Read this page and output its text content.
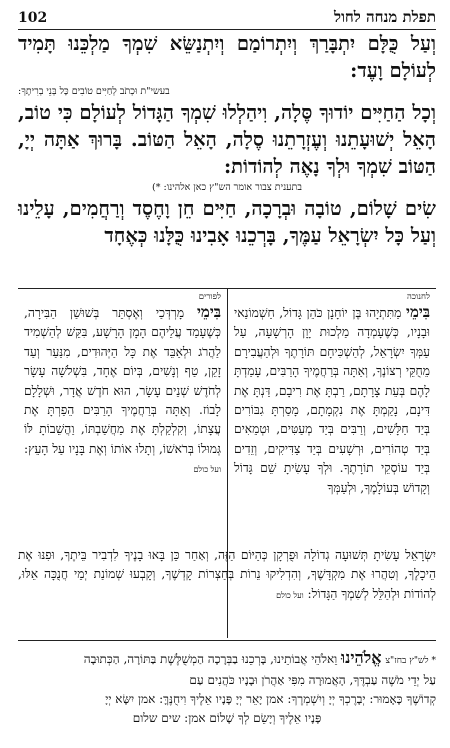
תפלת מנחה לחול
102
וְעַל כֻּלָּם יִתְבָּרַךְ וְיִתְרוֹמַם וְיִתְנַשֵּׂא שִׁמְךָ מַלְכֵּנוּ תָּמִיד לְעוֹלָם וָעֶד:
בעשי"ת וּכְתֹב לְחַיִּים טוֹבִים כָּל בְּנֵי בְרִיתֶךָ:
וְכָל הַחַיִּים יוֹדוּךָ סֶּלָה, וִיהַלְלוּ שִׁמְךָ הַגָּדוֹל לְעוֹלָם כִּי טוֹב, הָאֵל יְשׁוּעָתֵנוּ וְעֶזְרָתֵנוּ סֶלָה, הָאֵל הַטּוֹב. בָּרוּךְ אַתָּה יְיָ, הַטּוֹב שִׁמְךָ וּלְךָ נָאֶה לְהוֹדוֹת:
בתענית צבור אומר הש"ץ כאן אלהינו: *)
שִׂים שָׁלוֹם, טוֹבָה וּבְרָכָה, חַיִּים חֵן וָחֶסֶד וְרַחֲמִים, עָלֵינוּ וְעַל כָּל יִשְׂרָאֵל עַמֶּךָ, בָּרְכֵנוּ אָבִינוּ כֻּלָּנוּ כְּאֶחָד
לחנוכה
בִּימֵי מַתִּתְיָהוּ בֶּן יוֹחָנָן כֹּהֵן גָּדוֹל, חַשְׁמוֹנַאי וּבָנָיו, כְּשֶׁעָמְדָה מַלְכוּת יָוָן הָרְשָׁעָה, עַל עַמְּךָ יִשְׂרָאֵל, לְהַשְׁכִּיחָם תּוֹרָתֶךָ וּלְהַעֲבִירָם מֵחֻקֵּי רְצוֹנֶךָ, וְאַתָּה בְּרַחֲמֶיךָ הָרַבִּים, עָמַדְתָּ לָהֶם בְּעֵת צָרָתָם, רַבְתָּ אֶת רִיבָם, דַּנְתָּ אֶת דִּינָם, נָקַמְתָּ אֶת נִקְמָתָם, מָסַרְתָּ גִבּוֹרִים בְּיַד חַלָּשִׁים, וְרַבִּים בְּיַד מְעַטִּים, וּטְמֵאִים בְּיַד טְהוֹרִים, וּרְשָׁעִים בְּיַד צַדִּיקִים, וְזֵדִים בְּיַד עוֹסְקֵי תוֹרָתֶךָ. וּלְךָ עָשִׂיתָ שֵׁם גָּדוֹל וְקָדוֹשׁ בְּעוֹלָמֶךָ, וּלְעַמְּךָ
לפורים
בִּימֵי מָרְדְּכַי וְאֶסְתֵּר בְּשׁוּשַׁן הַבִּירָה, כְּשֶׁעָמַד עֲלֵיהֶם הָמָן הָרָשָׁע, בִּקֵּשׁ לְהַשְׁמִיד לַהֲרֹג וּלְאַבֵּד אֶת כָּל הַיְּהוּדִים, מִנַּעַר וְעַד זָקֵן, טַף וְנָשִׁים, בְּיוֹם אֶחָד, בִּשְׁלֹשָׁה עָשָׂר לְחֹדֶשׁ שְׁנֵים עָשָׂר, הוּא חֹדֶשׁ אֲדָר, וּשְׁלָלָם לָבוֹז. וְאַתָּה בְּרַחֲמֶיךָ הָרַבִּים הֵפַרְתָּ אֶת עֲצָתוֹ, וְקִלְקַלְתָּ אֶת מַחֲשַׁבְתּוֹ, וַהֲשֵׁבוֹתָ לּוֹ גְּמוּלוֹ בְּרֹאשׁוֹ, וְתָלוּ אוֹתוֹ וְאֶת בָּנָיו עַל הָעֵץ: ועל כולם
יִשְׂרָאֵל עָשִׂיתָ תְּשׁוּעָה גְדוֹלָה וּפֻרְקָן כְּהַיּוֹם הַזֶּה, וְאַחַר כֵּן בָּאוּ בָנֶיךָ לִדְבִיר בֵּיתֶךָ, וּפִנּוּ אֶת הֵיכָלֶךָ, וְטִהֲרוּ אֶת מִקְדָּשֶׁךָ, וְהִדְלִיקוּ נֵרוֹת בְּחַצְרוֹת קָדְשֶׁךָ, וְקָבְעוּ שְׁמוֹנַת יְמֵי חֲנֻכָּה אֵלּוּ, לְהוֹדוֹת וּלְהַלֵּל לְשִׁמְךָ הַגָּדוֹל: ועל כולם
* לש"ץ בחז"צ אֱלֹהֵינוּ וֵאלֹהֵי אֲבוֹתֵינוּ, בָּרְכֵנוּ בַבְּרָכָה הַמְשֻׁלֶּשֶׁת בַּתּוֹרָה, הַכְּתוּבָה
עַל יְדֵי מֹשֶׁה עַבְדֶּךָ, הָאֲמוּרָה מִפִּי אַהֲרֹן וּבָנָיו כֹּהֲנִים עַם
קְדוֹשֶׁךָ כָּאָמוּר: יְבָרֶכְךָ יְיָ וְיִשְׁמְרֶךָ: אמן יָאֵר יְיָ פָּנָיו אֵלֶיךָ וִיחֻנֶּךָּ: אמן יִשָּׂא יְיָ
פָּנָיו אֵלֶיךָ וְיָשֵׂם לְךָ שָׁלוֹם אמן: שים שלום
